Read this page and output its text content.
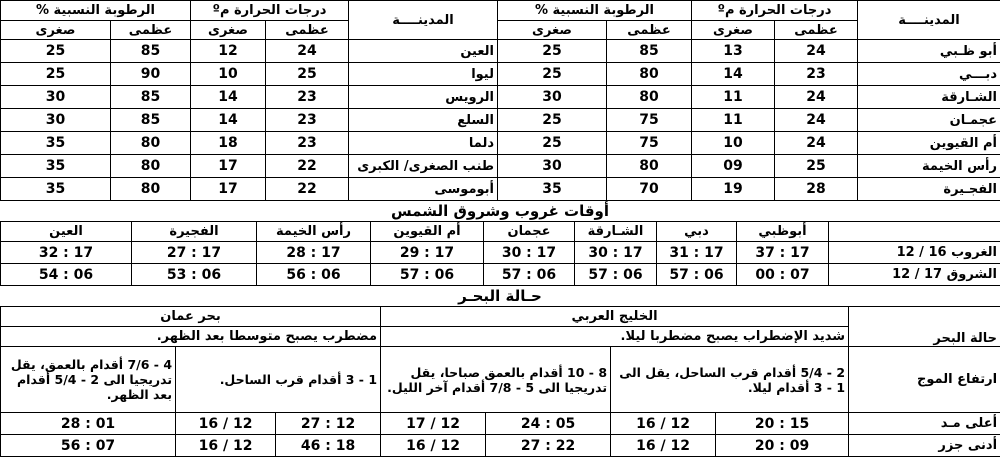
المدينــــة	درجات الحرارة مº		الرطوبة النسبية %		المدينــــة	درجات الحرارة مº		الرطوبة النسبية %	
	عظمى	صغرى	عظمى	صغرى		عظمى	صغرى	عظمى	صغرى
أبو ظـبي	24	13	85	25	العين	24	12	85	25
دبـــي	23	14	80	25	ليوا	25	10	90	25
الشـارقة	24	11	80	30	الرويس	23	14	85	30
عجمـان	24	11	75	25	السلع	23	14	85	30
أم القيوين	24	10	75	25	دلما	23	18	80	35
رأس الخيمة	25	09	80	30	طنب الصغرى/ الكبرى	22	17	80	35
الفجـيرة	28	19	70	35	أبوموسى	22	17	80	35
أوقات غروب وشروق الشمس
	أبوظبي	دبي	الشـارقة	عجمان	أم القيوين	رأس الخيمة	الفجيرة	العين
الغروب 16 / 12	17 : 37	17 : 31	17 : 30	17 : 30	17 : 29	17 : 28	17 : 27	17 : 32
الشروق 17 / 12	07 : 00	06 : 57	06 : 57	06 : 57	06 : 57	06 : 56	06 : 53	06 : 54
حـالة البحـر
حالة البحر	الخليج العربي				بحر عمان			
	شديد الإضطراب يصبح مضطربا ليلا.				مضطرب يصبح متوسطا بعد الظهر.			
ارتفاع الموج	2 - 5/4 أقدام قرب الساحل، يقل الى 1 - 3 أقدام ليلا.		8 - 10 أقدام بالعمق صباحا، يقل تدريجيا الى 5 - 7/8 أقدام آخر الليل.		1 - 3 أقدام قرب الساحل.		4 - 7/6 أقدام بالعمق، يقل تدريجيا الى 2 - 5/4 أقدام بعد الظهر.	
أعلى مـد	15 : 20	12 / 16	05 : 24	12 / 17	12 : 27	12 / 16	01 : 28	
أدنى جزر	09 : 20	12 / 16	22 : 27	12 / 16	18 : 46	12 / 16	07 : 56	
